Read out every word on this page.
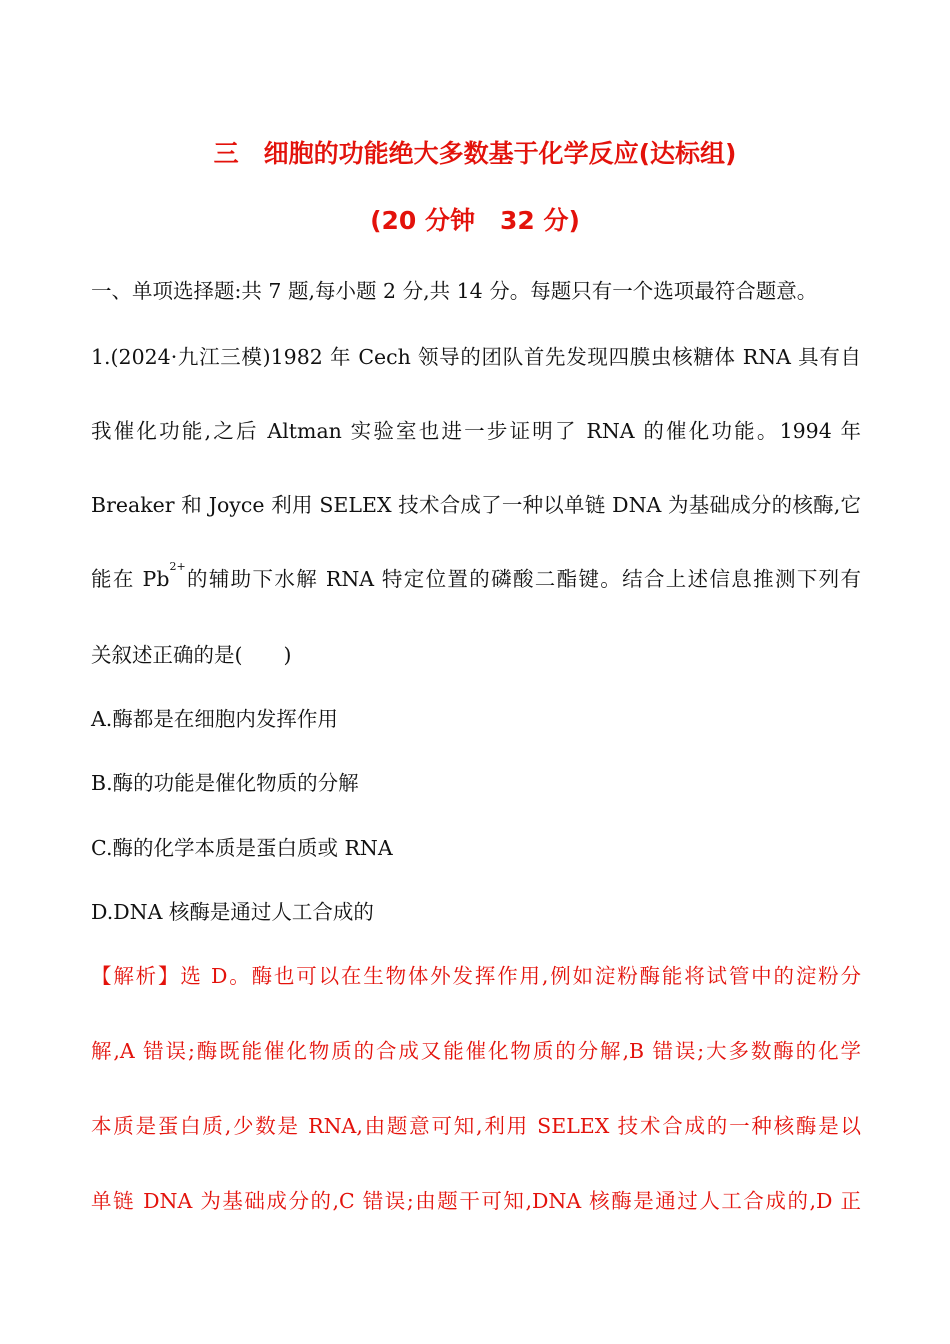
三　细胞的功能绝大多数基于化学反应(达标组)
(20 分钟　32 分)
一、单项选择题:共 7 题,每小题 2 分,共 14 分。每题只有一个选项最符合题意。
1.(2024·九江三模)1982 年 Cech 领导的团队首先发现四膜虫核糖体 RNA 具有自
我催化功能,之后 Altman 实验室也进一步证明了 RNA 的催化功能。1994 年
Breaker 和 Joyce 利用 SELEX 技术合成了一种以单链 DNA 为基础成分的核酶,它
能在 $Pb^{2+}$的辅助下水解 RNA 特定位置的磷酸二酯键。结合上述信息推测下列有
关叙述正确的是(　　)
A.酶都是在细胞内发挥作用
B.酶的功能是催化物质的分解
C.酶的化学本质是蛋白质或 RNA
D.DNA 核酶是通过人工合成的
【解析】选 D。酶也可以在生物体外发挥作用,例如淀粉酶能将试管中的淀粉分
解,A 错误;酶既能催化物质的合成又能催化物质的分解,B 错误;大多数酶的化学
本质是蛋白质,少数是 RNA,由题意可知,利用 SELEX 技术合成的一种核酶是以
单链 DNA 为基础成分的,C 错误;由题干可知,DNA 核酶是通过人工合成的,D 正
